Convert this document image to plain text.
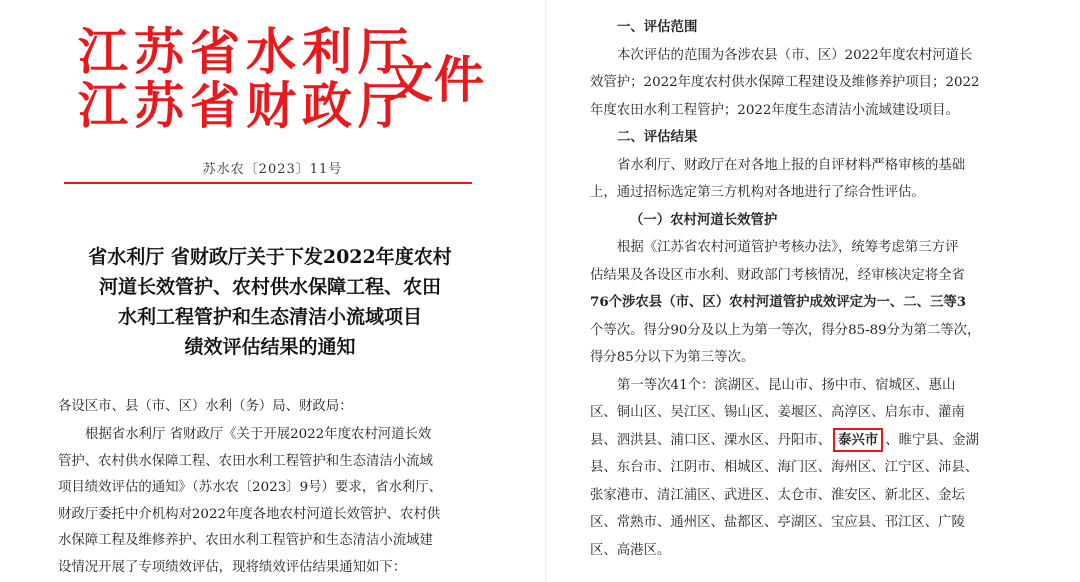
江苏省水利厅
江苏省财政厅
文件
苏水农〔2023〕11号
省水利厅 省财政厅关于下发2022年度农村
河道长效管护、农村供水保障工程、农田
水利工程管护和生态清洁小流域项目
绩效评估结果的通知
各设区市、县（市、区）水利（务）局、财政局：
根据省水利厅 省财政厅《关于开展2022年度农村河道长效
管护、农村供水保障工程、农田水利工程管护和生态清洁小流域
项目绩效评估的通知》（苏水农〔2023〕9号）要求，省水利厅、
财政厅委托中介机构对2022年度各地农村河道长效管护、农村供
水保障工程及维修养护、农田水利工程管护和生态清洁小流域建
设情况开展了专项绩效评估，现将绩效评估结果通知如下：
一、评估范围
本次评估的范围为各涉农县（市、区）2022年度农村河道长
效管护；2022年度农村供水保障工程建设及维修养护项目；2022
年度农田水利工程管护；2022年度生态清洁小流域建设项目。
二、评估结果
省水利厅、财政厅在对各地上报的自评材料严格审核的基础
上，通过招标选定第三方机构对各地进行了综合性评估。
（一）农村河道长效管护
根据《江苏省农村河道管护考核办法》，统筹考虑第三方评
估结果及各设区市水利、财政部门考核情况，经审核决定将全省
76个涉农县（市、区）农村河道管护成效评定为一、二、三等3
个等次。得分90分及以上为第一等次，得分85-89分为第二等次，
得分85分以下为第三等次。
第一等次41个：滨湖区、昆山市、扬中市、宿城区、惠山
区、铜山区、吴江区、锡山区、姜堰区、高淳区、启东市、灌南
县、泗洪县、浦口区、溧水区、丹阳市、 泰兴市 、睢宁县、金湖
县、东台市、江阴市、相城区、海门区、海州区、江宁区、沛县、
张家港市、清江浦区、武进区、太仓市、淮安区、新北区、金坛
区、常熟市、通州区、盐都区、亭湖区、宝应县、邗江区、广陵
区、高港区。
